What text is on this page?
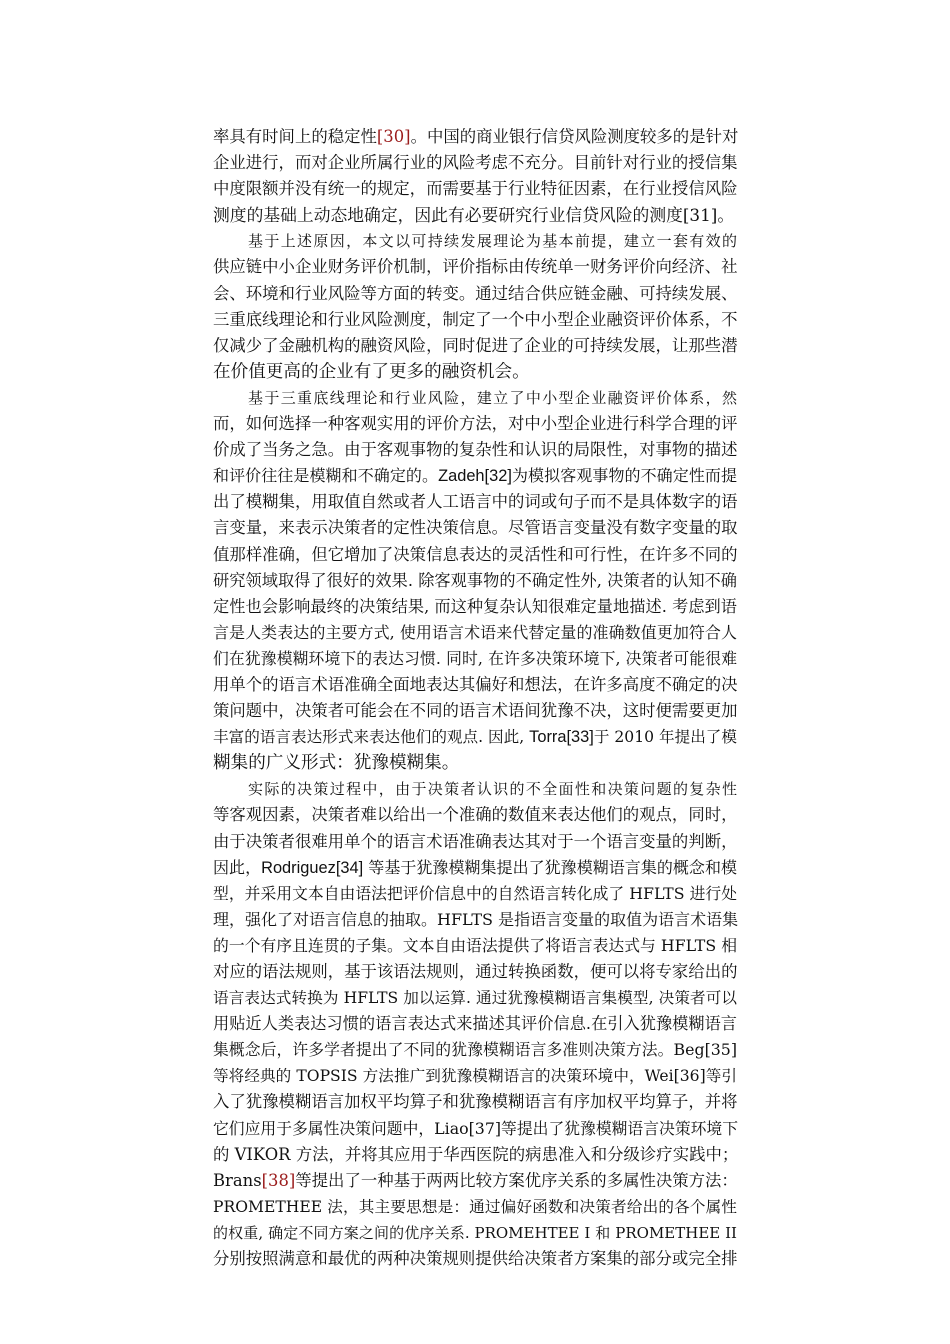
率具有时间上的稳定性[30]。中国的商业银行信贷风险测度较多的是针对
企业进行，而对企业所属行业的风险考虑不充分。目前针对行业的授信集
中度限额并没有统一的规定，而需要基于行业特征因素，在行业授信风险
测度的基础上动态地确定，因此有必要研究行业信贷风险的测度[31]。
基于上述原因，本文以可持续发展理论为基本前提，建立一套有效的
供应链中小企业财务评价机制，评价指标由传统单一财务评价向经济、社
会、环境和行业风险等方面的转变。通过结合供应链金融、可持续发展、
三重底线理论和行业风险测度，制定了一个中小型企业融资评价体系，不
仅减少了金融机构的融资风险，同时促进了企业的可持续发展，让那些潜
在价值更高的企业有了更多的融资机会。
基于三重底线理论和行业风险，建立了中小型企业融资评价体系，然
而，如何选择一种客观实用的评价方法，对中小型企业进行科学合理的评
价成了当务之急。由于客观事物的复杂性和认识的局限性，对事物的描述
和评价往往是模糊和不确定的。Zadeh[32]为模拟客观事物的不确定性而提
出了模糊集，用取值自然或者人工语言中的词或句子而不是具体数字的语
言变量，来表示决策者的定性决策信息。尽管语言变量没有数字变量的取
值那样准确，但它增加了决策信息表达的灵活性和可行性，在许多不同的
研究领域取得了很好的效果. 除客观事物的不确定性外, 决策者的认知不确
定性也会影响最终的决策结果, 而这种复杂认知很难定量地描述. 考虑到语
言是人类表达的主要方式, 使用语言术语来代替定量的准确数值更加符合人
们在犹豫模糊环境下的表达习惯. 同时, 在许多决策环境下, 决策者可能很难
用单个的语言术语准确全面地表达其偏好和想法，在许多高度不确定的决
策问题中，决策者可能会在不同的语言术语间犹豫不决，这时便需要更加
丰富的语言表达形式来表达他们的观点. 因此, Torra[33]于 2010 年提出了模
糊集的广义形式：犹豫模糊集。
实际的决策过程中，由于决策者认识的不全面性和决策问题的复杂性
等客观因素，决策者难以给出一个准确的数值来表达他们的观点，同时，
由于决策者很难用单个的语言术语准确表达其对于一个语言变量的判断，
因此，Rodriguez[34] 等基于犹豫模糊集提出了犹豫模糊语言集的概念和模
型，并采用文本自由语法把评价信息中的自然语言转化成了 HFLTS 进行处
理，强化了对语言信息的抽取。HFLTS 是指语言变量的取值为语言术语集
的一个有序且连贯的子集。文本自由语法提供了将语言表达式与 HFLTS 相
对应的语法规则，基于该语法规则，通过转换函数，便可以将专家给出的
语言表达式转换为 HFLTS 加以运算. 通过犹豫模糊语言集模型, 决策者可以
用贴近人类表达习惯的语言表达式来描述其评价信息.在引入犹豫模糊语言
集概念后，许多学者提出了不同的犹豫模糊语言多准则决策方法。Beg[35]
等将经典的 TOPSIS 方法推广到犹豫模糊语言的决策环境中，Wei[36]等引
入了犹豫模糊语言加权平均算子和犹豫模糊语言有序加权平均算子，并将
它们应用于多属性决策问题中，Liao[37]等提出了犹豫模糊语言决策环境下
的 VIKOR 方法，并将其应用于华西医院的病患准入和分级诊疗实践中；
Brans[38]等提出了一种基于两两比较方案优序关系的多属性决策方法：
PROMETHEE 法，其主要思想是：通过偏好函数和决策者给出的各个属性
的权重, 确定不同方案之间的优序关系. PROMEHTEE I 和 PROMETHEE II
分别按照满意和最优的两种决策规则提供给决策者方案集的部分或完全排
